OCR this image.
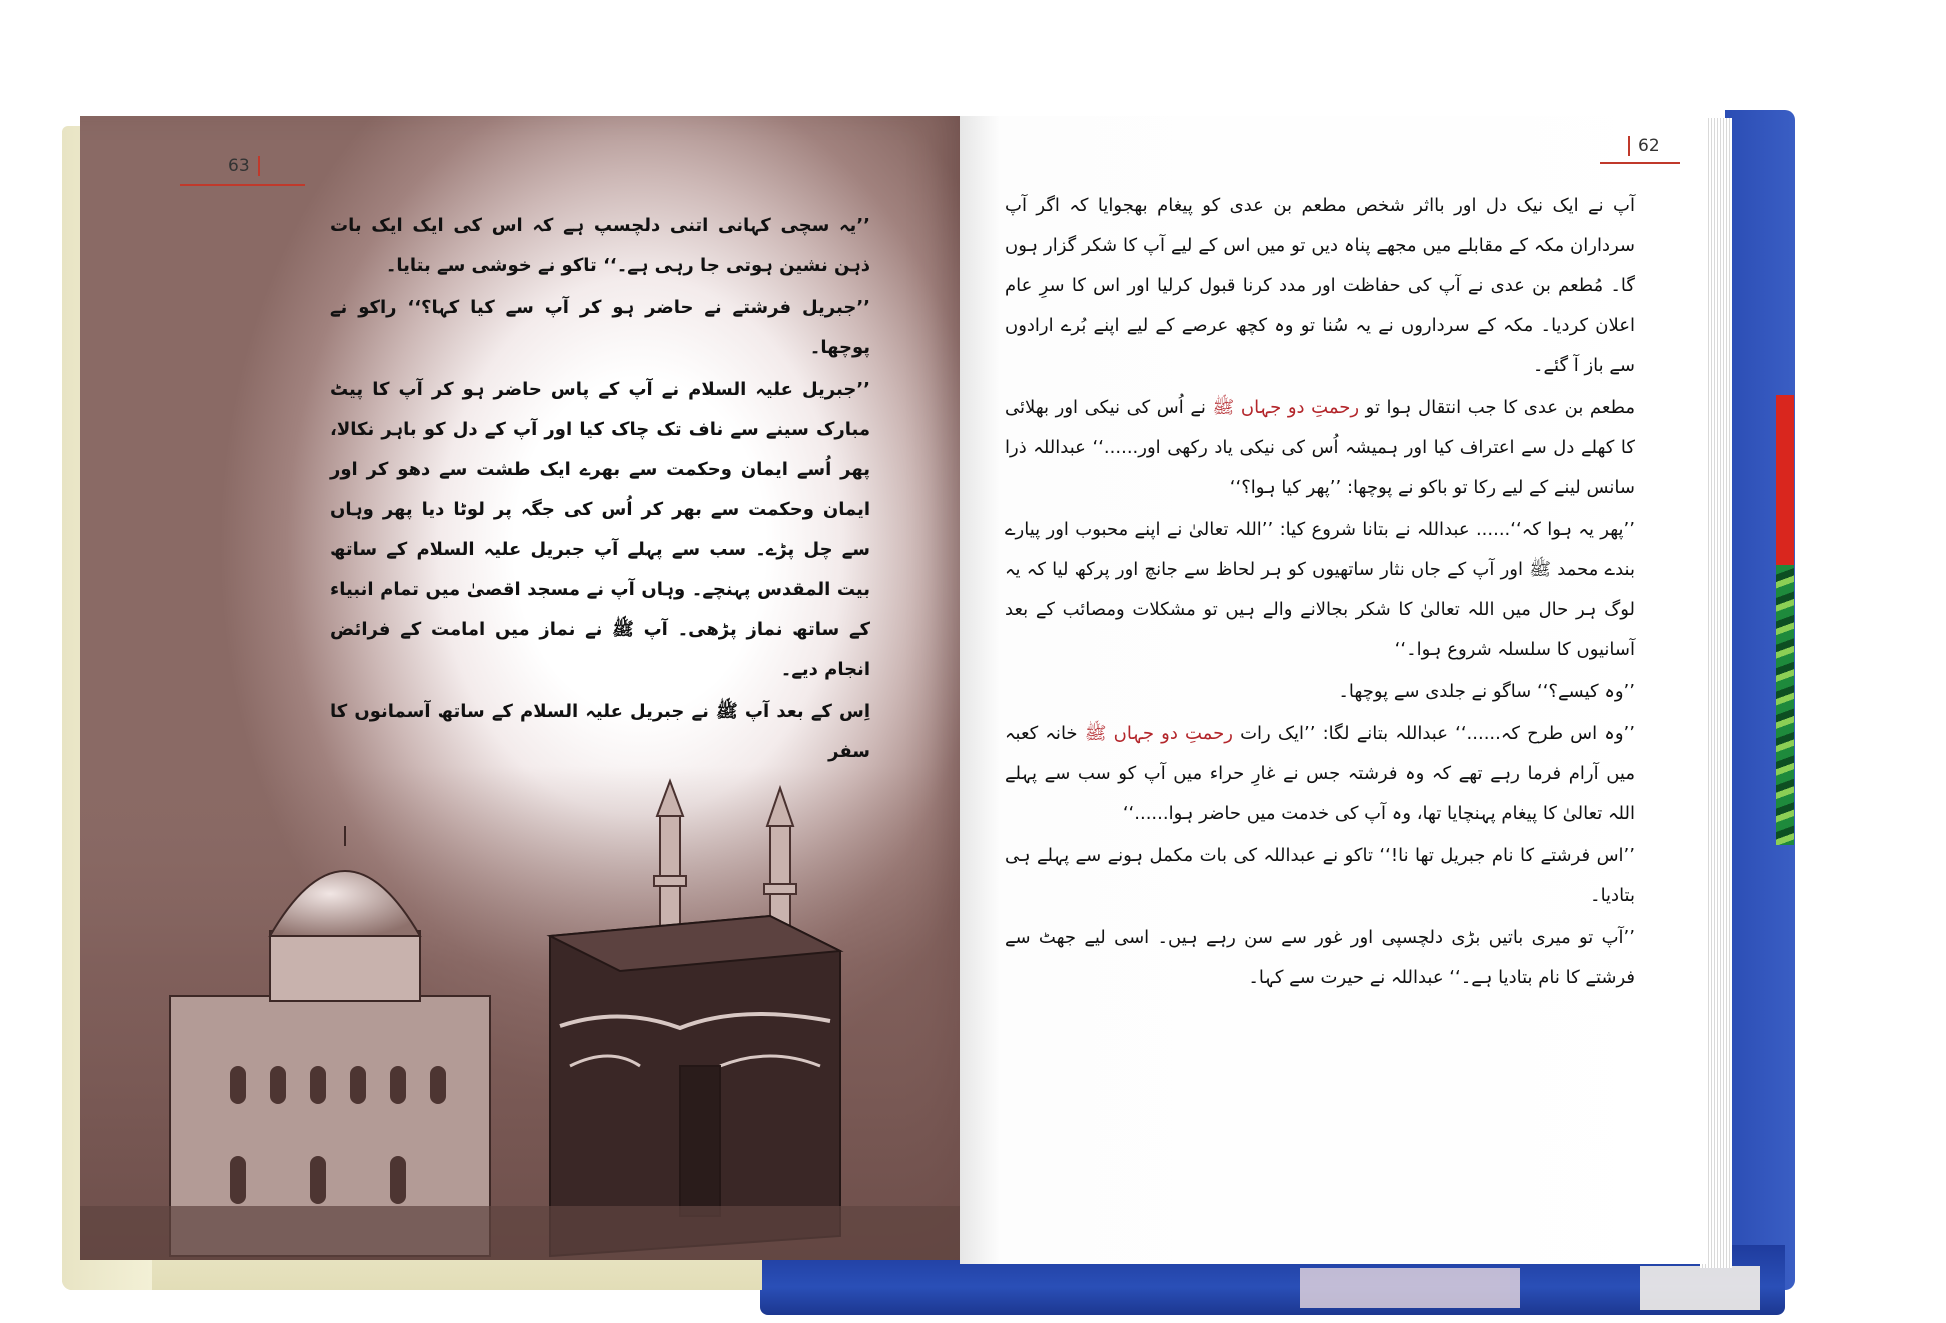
63

’’یہ سچی کہانی اتنی دلچسپ ہے کہ اس کی ایک ایک بات ذہن نشین ہوتی جا رہی ہے۔‘‘ تاکو نے خوشی سے بتایا۔

’’جبریل فرشتے نے حاضر ہو کر آپ سے کیا کہا؟‘‘ راکو نے پوچھا۔

’’جبریل علیہ السلام نے آپ کے پاس حاضر ہو کر آپ کا پیٹ مبارک سینے سے ناف تک چاک کیا اور آپ کے دل کو باہر نکالا، پھر اُسے ایمان وحکمت سے بھرے ایک طشت سے دھو کر اور ایمان وحکمت سے بھر کر اُس کی جگہ پر لوٹا دیا پھر وہاں سے چل پڑے۔ سب سے پہلے آپ جبریل علیہ السلام کے ساتھ بیت المقدس پہنچے۔ وہاں آپ نے مسجد اقصیٰ میں تمام انبیاء کے ساتھ نماز پڑھی۔ آپ ﷺ نے نماز میں امامت کے فرائض انجام دیے۔

اِس کے بعد آپ ﷺ نے جبریل علیہ السلام کے ساتھ آسمانوں کا سفر

62

آپ نے ایک نیک دل اور بااثر شخص مطعم بن عدی کو پیغام بھجوایا کہ اگر آپ سرداران مکہ کے مقابلے میں مجھے پناہ دیں تو میں اس کے لیے آپ کا شکر گزار ہوں گا۔ مُطعم بن عدی نے آپ کی حفاظت اور مدد کرنا قبول کرلیا اور اس کا سرِ عام اعلان کردیا۔ مکہ کے سرداروں نے یہ سُنا تو وہ کچھ عرصے کے لیے اپنے بُرے ارادوں سے باز آ گئے۔

مطعم بن عدی کا جب انتقال ہوا تو رحمتِ دو جہاں ﷺ نے اُس کی نیکی اور بھلائی کا کھلے دل سے اعتراف کیا اور ہمیشہ اُس کی نیکی یاد رکھی اور......‘‘ عبداللہ ذرا سانس لینے کے لیے رکا تو باکو نے پوچھا: ’’پھر کیا ہوا؟‘‘

’’پھر یہ ہوا کہ‘‘...... عبداللہ نے بتانا شروع کیا: ’’اللہ تعالیٰ نے اپنے محبوب اور پیارے بندے محمد ﷺ اور آپ کے جاں نثار ساتھیوں کو ہر لحاظ سے جانچ اور پرکھ لیا کہ یہ لوگ ہر حال میں اللہ تعالیٰ کا شکر بجالانے والے ہیں تو مشکلات ومصائب کے بعد آسانیوں کا سلسلہ شروع ہوا۔‘‘

’’وہ کیسے؟‘‘ ساگو نے جلدی سے پوچھا۔

’’وہ اس طرح کہ......‘‘ عبداللہ بتانے لگا: ’’ایک رات رحمتِ دو جہاں ﷺ خانہ کعبہ میں آرام فرما رہے تھے کہ وہ فرشتہ جس نے غارِ حراء میں آپ کو سب سے پہلے اللہ تعالیٰ کا پیغام پہنچایا تھا، وہ آپ کی خدمت میں حاضر ہوا......‘‘

’’اس فرشتے کا نام جبریل تھا نا!‘‘ تاکو نے عبداللہ کی بات مکمل ہونے سے پہلے ہی بتادیا۔

’’آپ تو میری باتیں بڑی دلچسپی اور غور سے سن رہے ہیں۔ اسی لیے جھٹ سے فرشتے کا نام بتادیا ہے۔‘‘ عبداللہ نے حیرت سے کہا۔
